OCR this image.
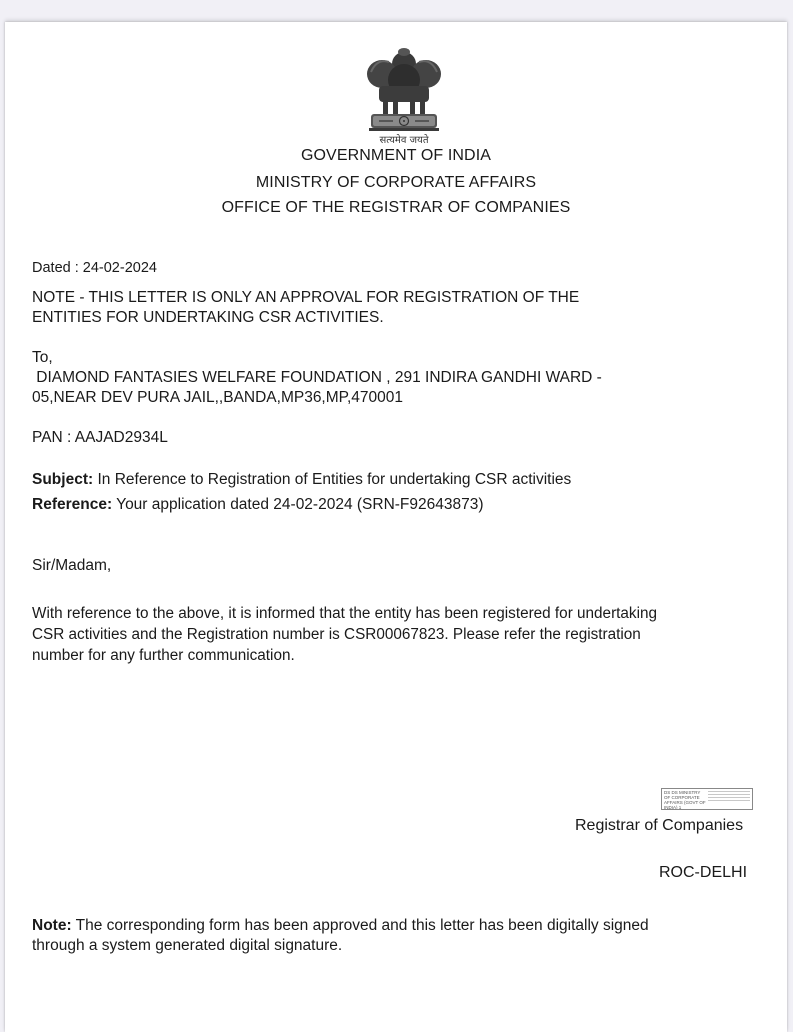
सत्यमेव जयते
GOVERNMENT OF INDIA
MINISTRY OF CORPORATE AFFAIRS
OFFICE OF THE REGISTRAR OF COMPANIES
Dated : 24-02-2024
NOTE - THIS LETTER IS ONLY AN APPROVAL FOR REGISTRATION OF THE
ENTITIES FOR UNDERTAKING CSR ACTIVITIES.
To,
DIAMOND FANTASIES WELFARE FOUNDATION , 291 INDIRA GANDHI WARD -
05,NEAR DEV PURA JAIL,,BANDA,MP36,MP,470001
PAN : AAJAD2934L
Subject: In Reference to Registration of Entities for undertaking CSR activities
Reference: Your application dated 24-02-2024 (SRN-F92643873)
Sir/Madam,
With reference to the above, it is informed that the entity has been registered for undertaking
CSR activities and the Registration number is CSR00067823. Please refer the registration
number for any further communication.
DS DS MINISTRY OF CORPORATE AFFAIRS (GOVT OF INDIA) 1
Registrar of Companies
ROC-DELHI
Note: The corresponding form has been approved and this letter has been digitally signed
through a system generated digital signature.
